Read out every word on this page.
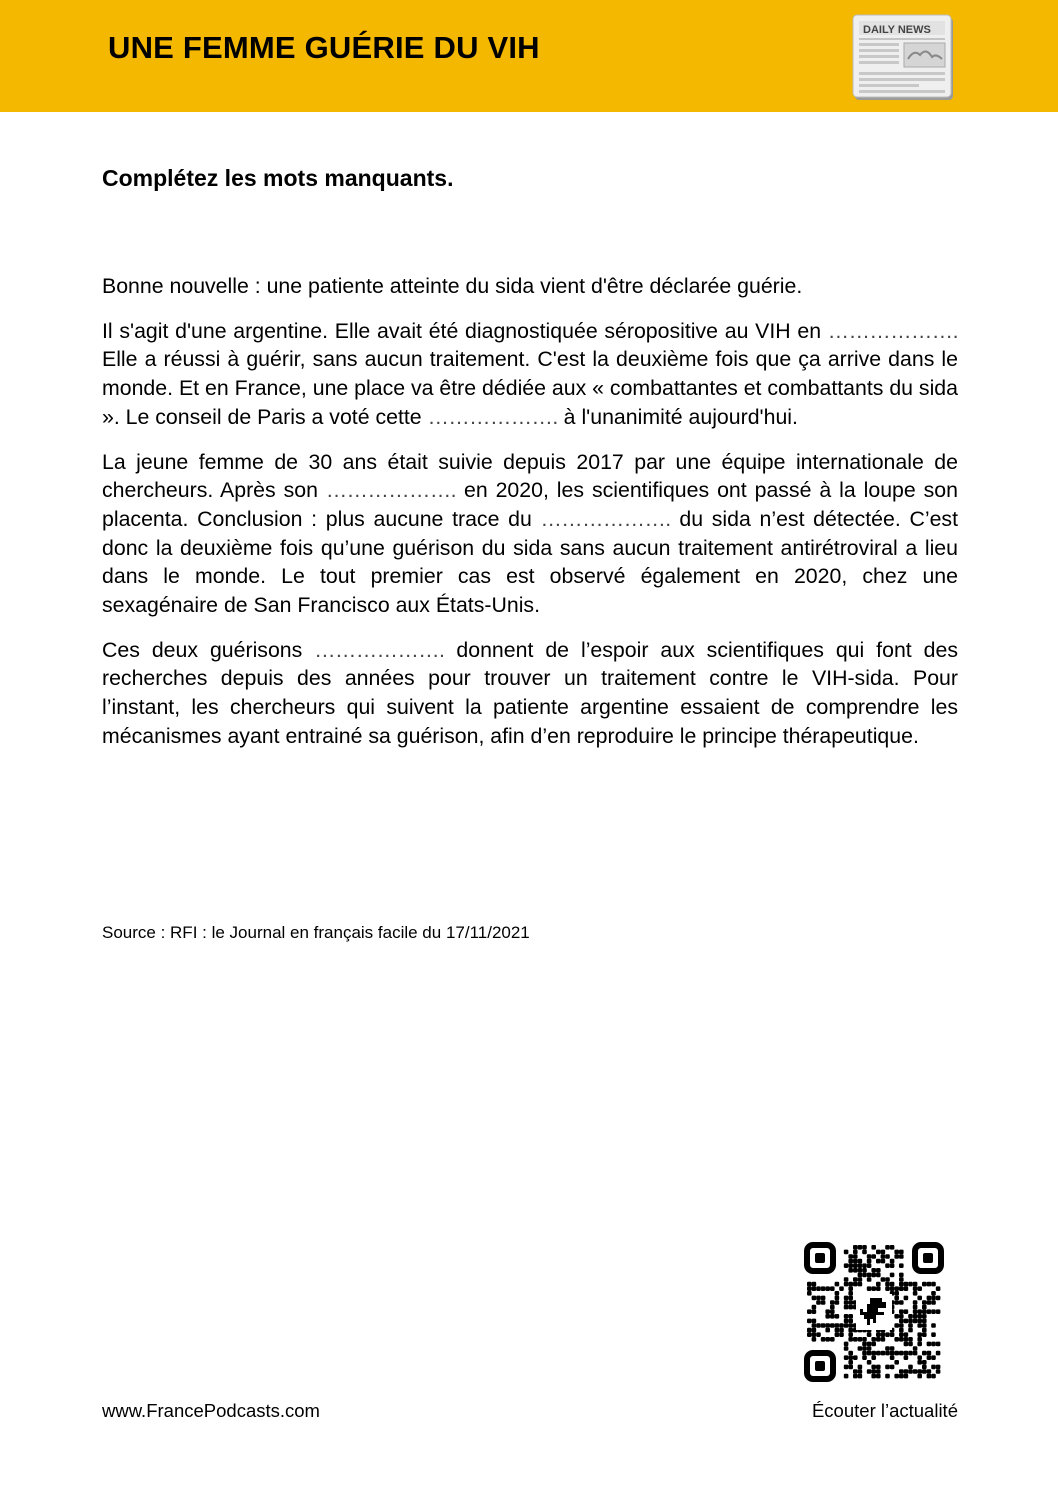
UNE FEMME GUÉRIE DU VIH	DAILY NEWS
Complétez les mots manquants.

Bonne nouvelle : une patiente atteinte du sida vient d'être déclarée guérie.

Il s'agit d'une argentine. Elle avait été diagnostiquée séropositive au VIH en ………………. Elle a réussi à guérir, sans aucun traitement. C'est la deuxième fois que ça arrive dans le monde. Et en France, une place va être dédiée aux « combattantes et combattants du sida ». Le conseil de Paris a voté cette ………………. à l'unanimité aujourd'hui.

La jeune femme de 30 ans était suivie depuis 2017 par une équipe internationale de chercheurs. Après son ………………. en 2020, les scientifiques ont passé à la loupe son placenta. Conclusion : plus aucune trace du ………………. du sida n’est détectée. C’est donc la deuxième fois qu’une guérison du sida sans aucun traitement antirétroviral a lieu dans le monde. Le tout premier cas est observé également en 2020, chez une sexagénaire de San Francisco aux États-Unis.

Ces deux guérisons ………………. donnent de l’espoir aux scientifiques qui font des recherches depuis des années pour trouver un traitement contre le VIH-sida. Pour l’instant, les chercheurs qui suivent la patiente argentine essaient de comprendre les mécanismes ayant entrainé sa guérison, afin d’en reproduire le principe thérapeutique.

Source : RFI : le Journal en français facile du 17/11/2021

www.FrancePodcasts.com	Écouter l’actualité
